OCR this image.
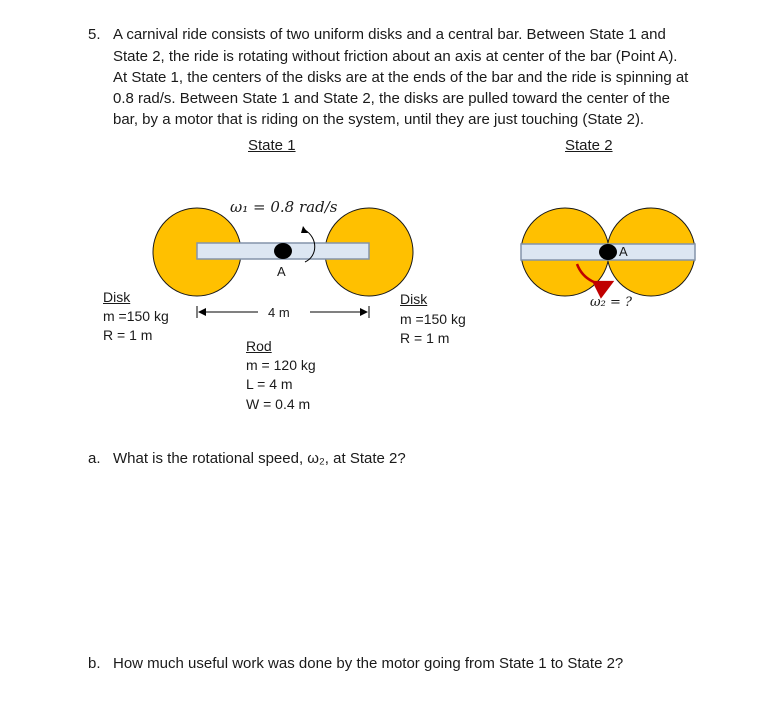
5. A carnival ride consists of two uniform disks and a central bar. Between State 1 and
State 2, the ride is rotating without friction about an axis at center of the bar (Point A).
At State 1, the centers of the disks are at the ends of the bar and the ride is spinning at
0.8 rad/s. Between State 1 and State 2, the disks are pulled toward the center of the
bar, by a motor that is riding on the system, until they are just touching (State 2).
State 1	State 2
ω₁ = 0.8 rad/s
A
4 m
Disk
m =150 kg
R = 1 m
Disk
m =150 kg
R = 1 m
Rod
m = 120 kg
L = 4 m
W = 0.4 m
A
ω₂ = ?
a. What is the rotational speed, ω₂, at State 2?
b. How much useful work was done by the motor going from State 1 to State 2?
